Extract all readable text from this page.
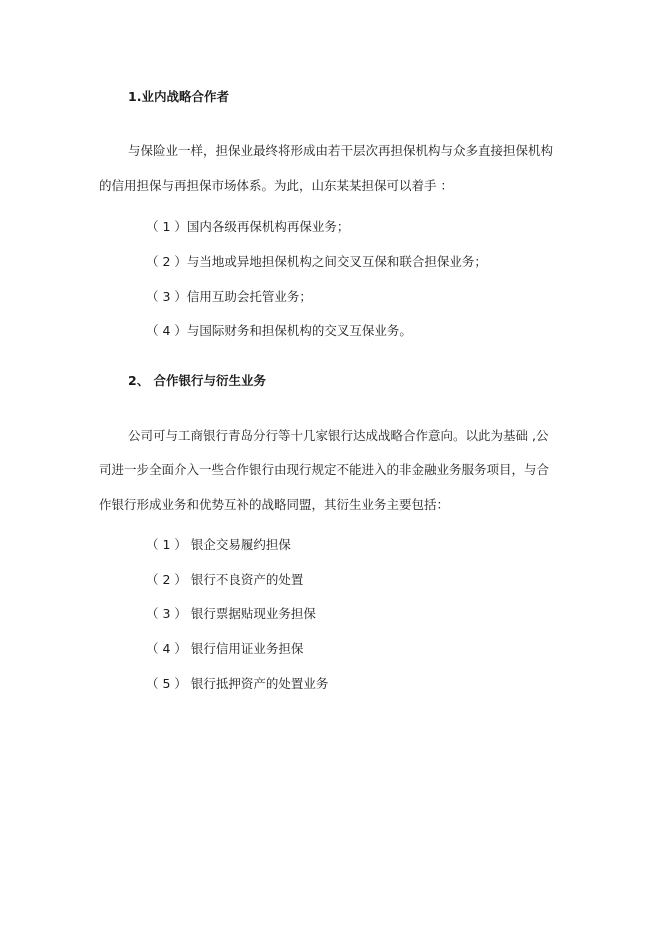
1.业内战略合作者
与保险业一样，担保业最终将形成由若干层次再担保机构与众多直接担保机构
的信用担保与再担保市场体系。为此，山东某某担保可以着手 ：
（ 1 ）国内各级再保机构再保业务；
（ 2 ）与当地或异地担保机构之间交叉互保和联合担保业务；
（ 3 ）信用互助会托管业务；
（ 4 ）与国际财务和担保机构的交叉互保业务。
2、 合作银行与衍生业务
公司可与工商银行青岛分行等十几家银行达成战略合作意向。以此为基础 ,公
司进一步全面介入一些合作银行由现行规定不能进入的非金融业务服务项目，与合
作银行形成业务和优势互补的战略同盟，其衍生业务主要包括：
（ 1 ） 银企交易履约担保
（ 2 ） 银行不良资产的处置
（ 3 ） 银行票据贴现业务担保
（ 4 ） 银行信用证业务担保
（ 5 ） 银行抵押资产的处置业务
